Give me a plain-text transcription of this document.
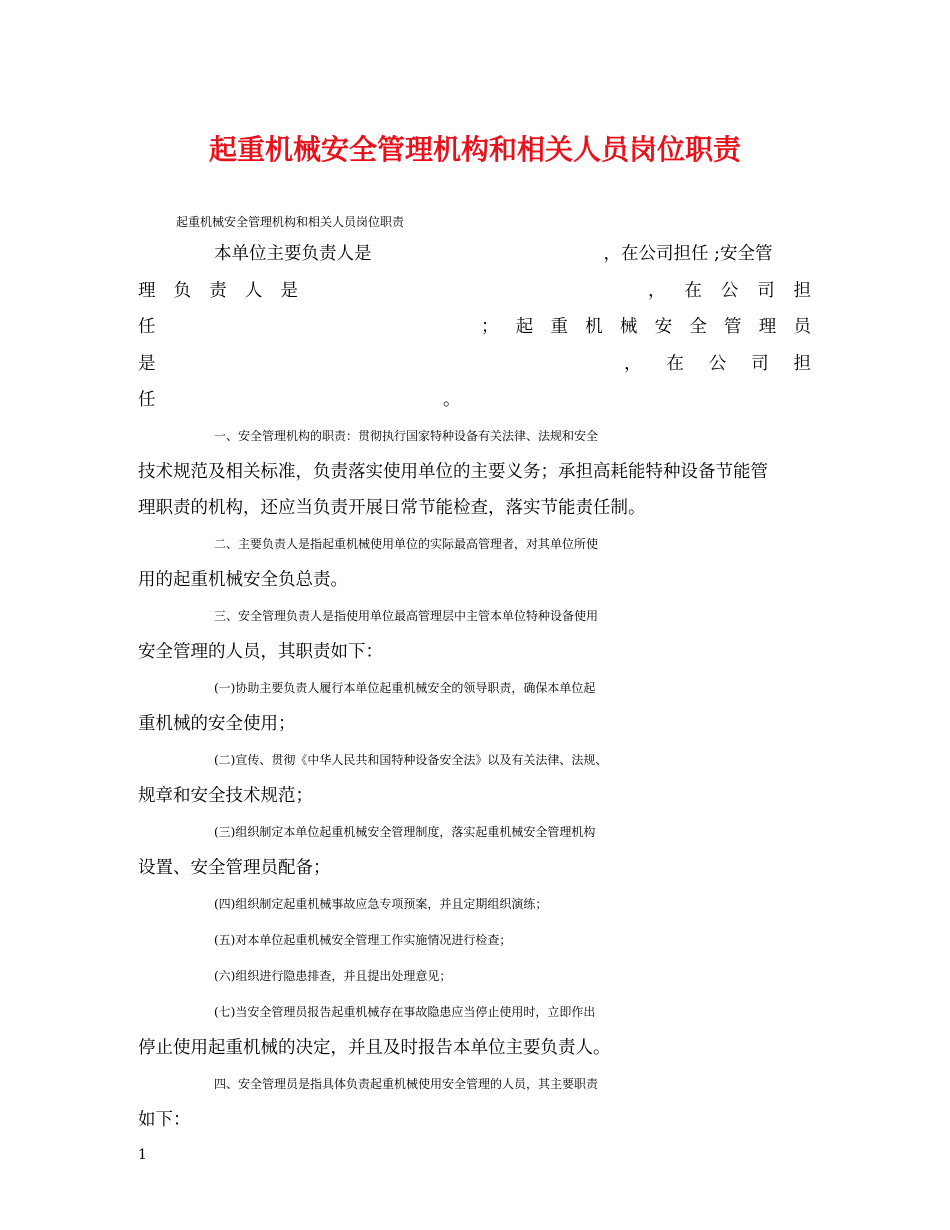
起重机械安全管理机构和相关人员岗位职责
起重机械安全管理机构和相关人员岗位职责
本单位主要负责人是	，在公司担任 ;安全管
理 负 责 人 是	， 在 公 司 担
任	； 起 重 机 械 安 全 管 理 员
是	， 在 公 司 担
任	。
一、安全管理机构的职责：贯彻执行国家特种设备有关法律、法规和安全
技术规范及相关标准，负责落实使用单位的主要义务；承担高耗能特种设备节能管
理职责的机构，还应当负责开展日常节能检查，落实节能责任制。
二、主要负责人是指起重机械使用单位的实际最高管理者，对其单位所使
用的起重机械安全负总责。
三、安全管理负责人是指使用单位最高管理层中主管本单位特种设备使用
安全管理的人员，其职责如下：
(一)协助主要负责人履行本单位起重机械安全的领导职责，确保本单位起
重机械的安全使用；
(二)宣传、贯彻《中华人民共和国特种设备安全法》以及有关法律、法规、
规章和安全技术规范；
(三)组织制定本单位起重机械安全管理制度，落实起重机械安全管理机构
设置、安全管理员配备；
(四)组织制定起重机械事故应急专项预案，并且定期组织演练；
(五)对本单位起重机械安全管理工作实施情况进行检查；
(六)组织进行隐患排查，并且提出处理意见；
(七)当安全管理员报告起重机械存在事故隐患应当停止使用时，立即作出
停止使用起重机械的决定，并且及时报告本单位主要负责人。
四、安全管理员是指具体负责起重机械使用安全管理的人员，其主要职责
如下：
1
